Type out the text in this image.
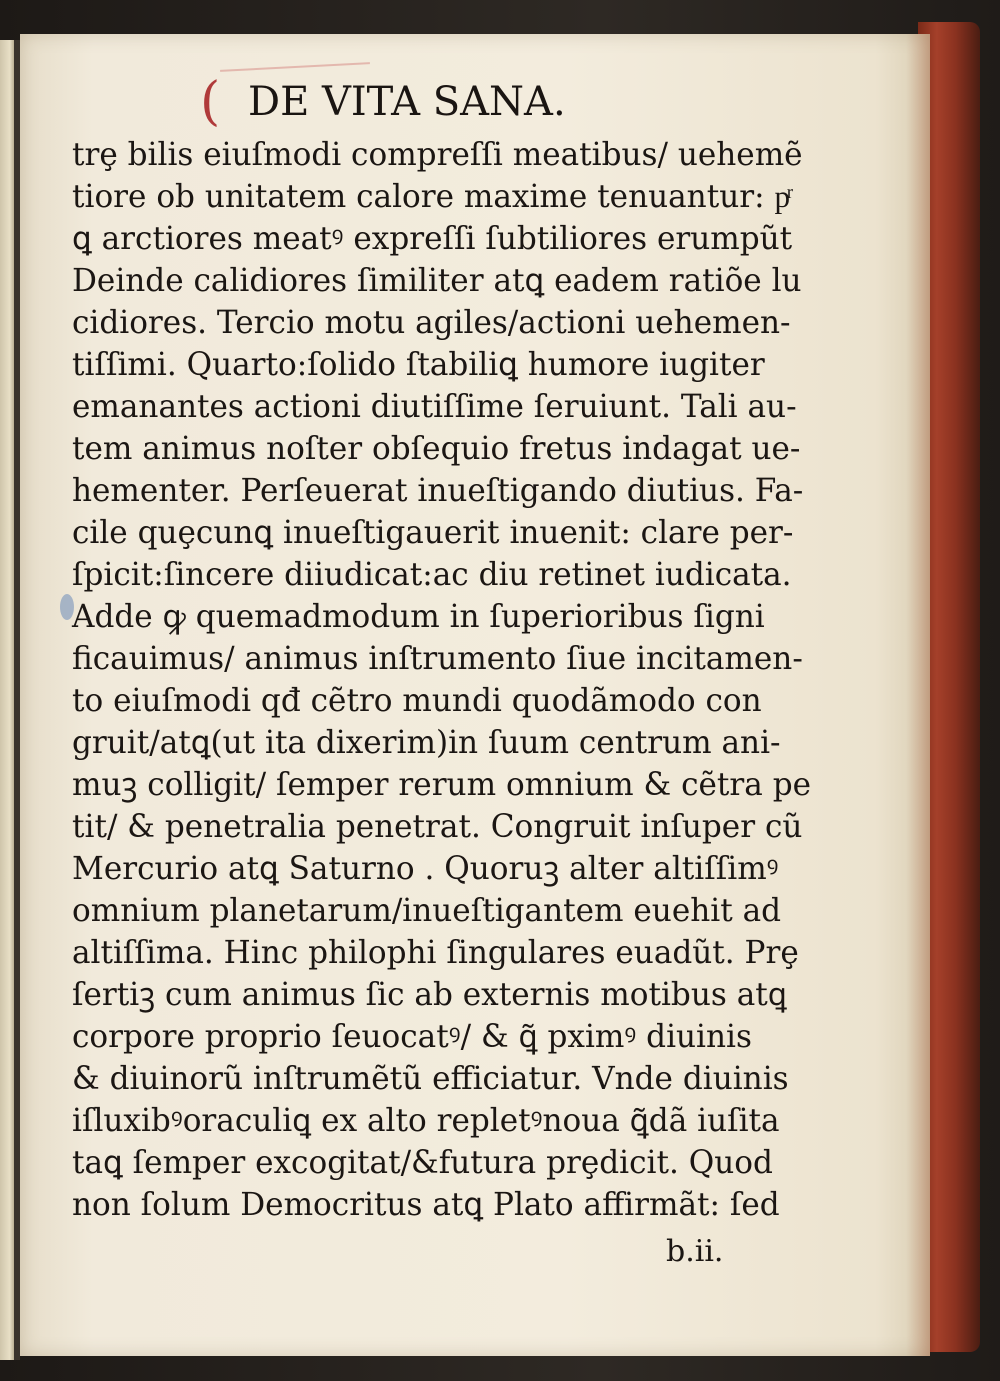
( DE VITA SANA.
trȩ bilis eiuſmodi compreſſi meatibus/ uehemẽ
tiore ob unitatem calore maxime tenuantur: pͬ
ꝗ arctiores meatꝰ expreſſi ſubtiliores erumpũt
Deinde calidiores ſimiliter atꝗ eadem ratiõe lu
cidiores. Tercio motu agiles/actioni uehemen-
tiſſimi. Quarto:ſolido ſtabiliꝗ humore iugiter
emanantes actioni diutiſſime ſeruiunt. Tali au-
tem animus noſter obſequio fretus indagat ue-
hementer. Perſeuerat inueſtigando diutius. Fa-
cile quȩcunꝗ inueſtigauerit inuenit: clare per-
ſpicit:ſincere diiudicat:ac diu retinet iudicata.
Adde ꝙ quemadmodum in ſuperioribus ſigni
ficauimus/ animus inſtrumento ſiue incitamen-
to eiuſmodi qđ cẽtro mundi quodãmodo con
gruit/atꝗ(ut ita dixerim)in ſuum centrum ani-
muꝫ colligit/ ſemper rerum omnium & cẽtra pe
tit/ & penetralia penetrat. Congruit inſuper cũ
Mercurio atꝗ Saturno . Quoruꝫ alter altiſſimꝰ
omnium planetarum/inueſtigantem euehit ad
altiſſima. Hinc philophi ſingulares euadũt. Prȩ
ſertiꝫ cum animus ſic ab externis motibus atꝗ
corpore proprio ſeuocatꝰ/ & ꝗ̃ pximꝰ diuinis
& diuinorũ inſtrumẽtũ efficiatur. Vnde diuinis
iſluxibꝰoraculiꝗ ex alto repletꝰnoua ꝗ̃dã iuſita
taꝗ ſemper excogitat/&futura prȩdicit. Quod
non ſolum Democritus atꝗ Plato affirmãt: ſed
b.ii.
